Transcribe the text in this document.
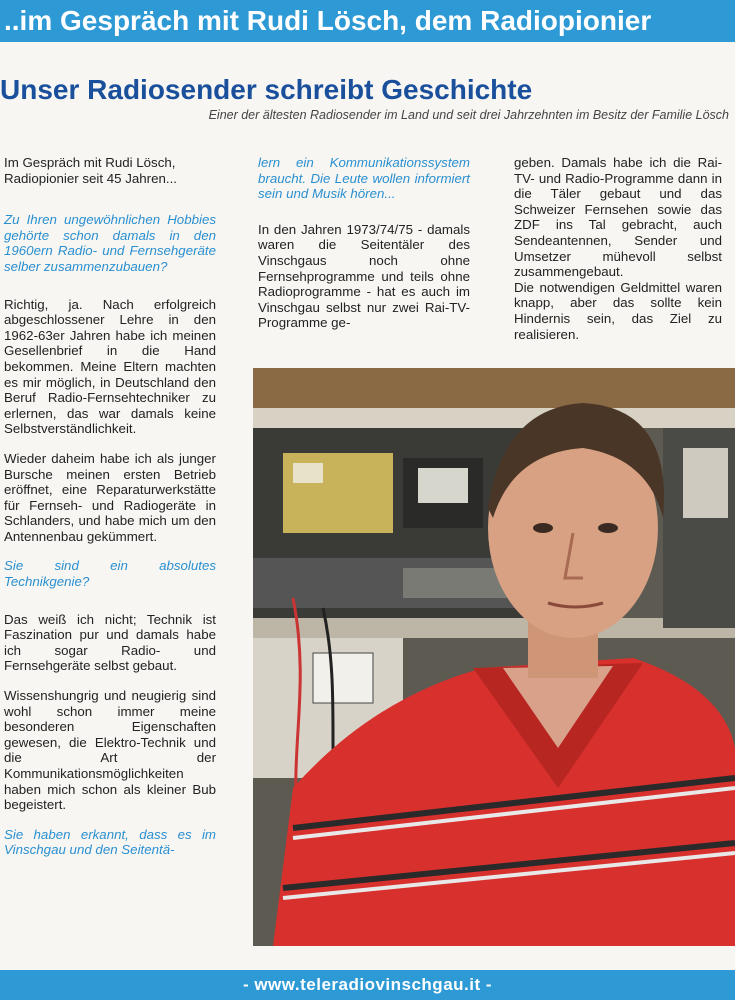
..im Gespräch mit Rudi Lösch, dem Radiopionier
Unser Radiosender schreibt Geschichte
Einer der ältesten Radiosender im Land und seit drei Jahrzehnten im Besitz der Familie Lösch

Im Gespräch mit Rudi Lösch, Radiopionier seit 45 Jahren...

Zu Ihren ungewöhnlichen Hobbies gehörte schon damals in den 1960ern Radio- und Fernsehgeräte selber zusammenzubauen?

Richtig, ja. Nach erfolgreich abgeschlossener Lehre in den 1962-63er Jahren habe ich meinen Gesellenbrief in die Hand bekommen. Meine Eltern machten es mir möglich, in Deutschland den Beruf Radio-Fernsehtechniker zu erlernen, das war damals keine Selbstverständlichkeit.

Wieder daheim habe ich als junger Bursche meinen ersten Betrieb eröffnet, eine Reparaturwerkstätte für Fernseh- und Radiogeräte in Schlanders, und habe mich um den Antennenbau gekümmert.

Sie sind ein absolutes Technikgenie?

Das weiß ich nicht; Technik ist Faszination pur und damals habe ich sogar Radio- und Fernsehgeräte selbst gebaut.

Wissenshungrig und neugierig sind wohl schon immer meine besonderen Eigenschaften gewesen, die Elektro-Technik und die Art der Kommunikationsmöglichkeiten haben mich schon als kleiner Bub begeistert.

Sie haben erkannt, dass es im Vinschgau und den Seitentä-

lern ein Kommunikationssystem braucht. Die Leute wollen informiert sein und Musik hören...

In den Jahren 1973/74/75 - damals waren die Seitentäler des Vinschgaus noch ohne Fernsehprogramme und teils ohne Radioprogramme - hat es auch im Vinschgau selbst nur zwei Rai-TV-Programme ge-

geben. Damals habe ich die Rai-TV- und Radio-Programme dann in die Täler gebaut und das Schweizer Fernsehen sowie das ZDF ins Tal gebracht, auch Sendeantennen, Sender und Umsetzer mühevoll selbst zusammengebaut.

Die notwendigen Geldmittel waren knapp, aber das sollte kein Hindernis sein, das Ziel zu realisieren.

- www.teleradiovinschgau.it -
